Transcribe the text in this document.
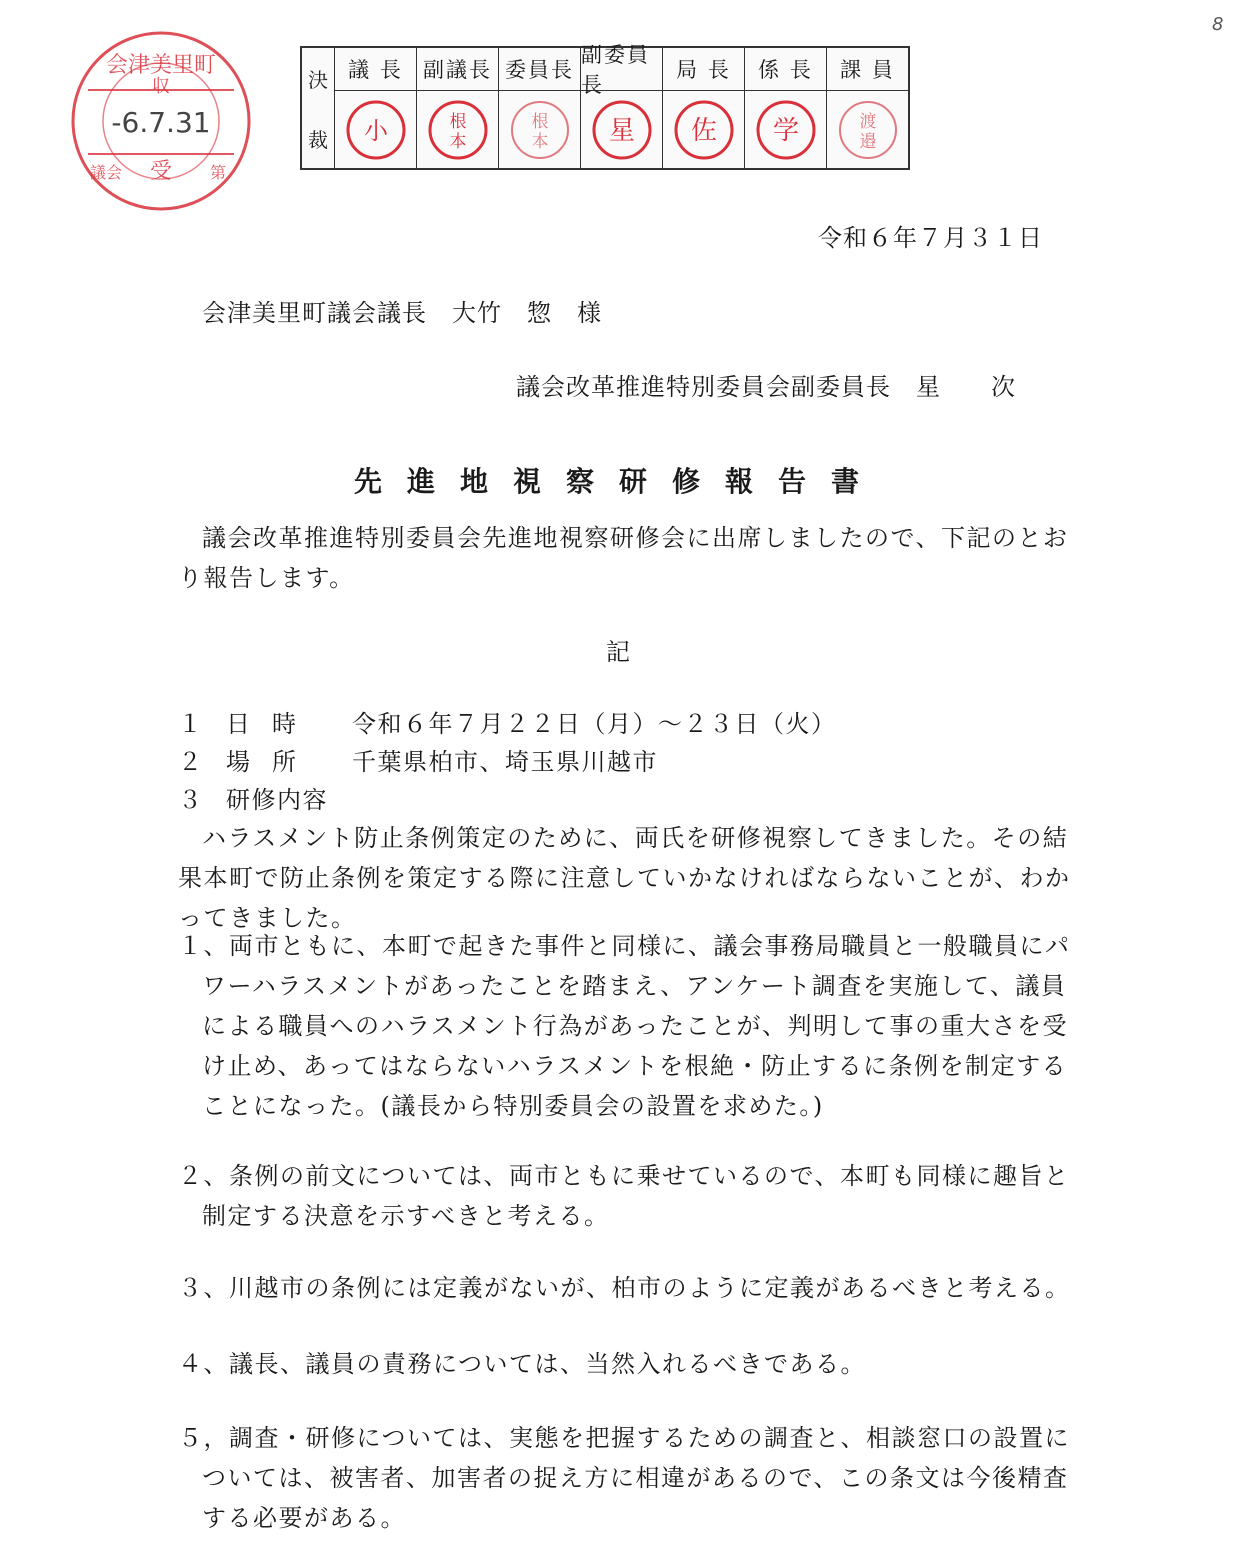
8
会津美里町
収
-6.7.31
受
議会	第
決
裁
議 長
小
副議長
根
本
委員長
根
本
副委員長
星
局 長
佐
係 長
学
課 員
渡
邉
令和６年７月３１日
会津美里町議会議長　大竹　惣　様
議会改革推進特別委員会副委員長　星　　次
先進地視察研修報告書
議会改革推進特別委員会先進地視察研修会に出席しましたので、下記のとおり報告します。
記
１ 日時 令和６年７月２２日（月）～２３日（火）
２ 場所 千葉県柏市、埼玉県川越市
３ 研修内容
ハラスメント防止条例策定のために、両氏を研修視察してきました。その結果本町で防止条例を策定する際に注意していかなければならないことが、わかってきました。
１、両市ともに、本町で起きた事件と同様に、議会事務局職員と一般職員にパワーハラスメントがあったことを踏まえ、アンケート調査を実施して、議員による職員へのハラスメント行為があったことが、判明して事の重大さを受け止め、あってはならないハラスメントを根絶・防止するに条例を制定することになった。(議長から特別委員会の設置を求めた。)
２、条例の前文については、両市ともに乗せているので、本町も同様に趣旨と制定する決意を示すべきと考える。
３、川越市の条例には定義がないが、柏市のように定義があるべきと考える。
４、議長、議員の責務については、当然入れるべきである。
５，調査・研修については、実態を把握するための調査と、相談窓口の設置については、被害者、加害者の捉え方に相違があるので、この条文は今後精査する必要がある。
